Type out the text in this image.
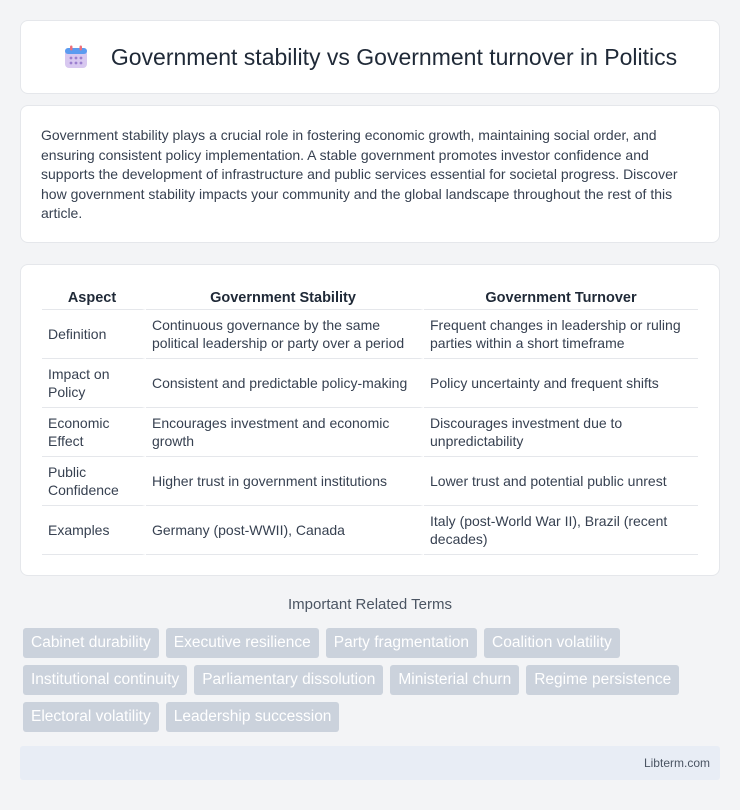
Government stability vs Government turnover in Politics

Government stability plays a crucial role in fostering economic growth, maintaining social order, and ensuring consistent policy implementation. A stable government promotes investor confidence and supports the development of infrastructure and public services essential for societal progress. Discover how government stability impacts your community and the global landscape throughout the rest of this article.

Aspect	Government Stability	Government Turnover
Definition	Continuous governance by the same political leadership or party over a period	Frequent changes in leadership or ruling parties within a short timeframe
Impact on Policy	Consistent and predictable policy-making	Policy uncertainty and frequent shifts
Economic Effect	Encourages investment and economic growth	Discourages investment due to unpredictability
Public Confidence	Higher trust in government institutions	Lower trust and potential public unrest
Examples	Germany (post-WWII), Canada	Italy (post-World War II), Brazil (recent decades)
Important Related Terms
Cabinet durability	Executive resilience	Party fragmentation	Coalition volatility
Institutional continuity	Parliamentary dissolution	Ministerial churn	Regime persistence
Electoral volatility	Leadership succession
Libterm.com
